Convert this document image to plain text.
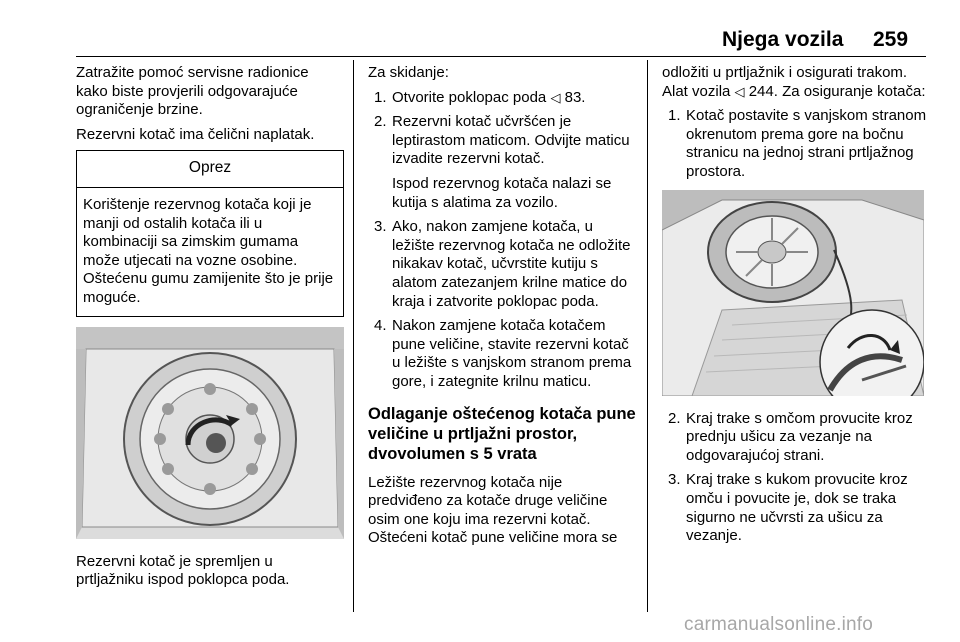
Njega vozila 259

Zatražite pomoć servisne radionice kako biste provjerili odgovarajuće ograničenje brzine.

Rezervni kotač ima čelični naplatak.

Oprez
Korištenje rezervnog kotača koji je manji od ostalih kotača ili u kombinaciji sa zimskim gumama može utjecati na vozne osobine. Oštećenu gumu zamijenite što je prije moguće.

Rezervni kotač je spremljen u prtljažniku ispod poklopca poda.

Za skidanje:

1. Otvorite poklopac poda ◁ 83.
2. Rezervni kotač učvršćen je leptirastom maticom. Odvijte maticu izvadite rezervni kotač.
Ispod rezervnog kotača nalazi se kutija s alatima za vozilo.
3. Ako, nakon zamjene kotača, u ležište rezervnog kotača ne odložite nikakav kotač, učvrstite kutiju s alatom zatezanjem krilne matice do kraja i zatvorite poklopac poda.
4. Nakon zamjene kotača kotačem pune veličine, stavite rezervni kotač u ležište s vanjskom stranom prema gore, i zategnite krilnu maticu.
Odlaganje oštećenog kotača pune veličine u prtljažni prostor, dvovolumen s 5 vrata

Ležište rezervnog kotača nije predviđeno za kotače druge veličine osim one koju ima rezervni kotač. Oštećeni kotač pune veličine mora se

odložiti u prtljažnik i osigurati trakom. Alat vozila ◁ 244. Za osiguranje kotača:

1. Kotač postavite s vanjskom stranom okrenutom prema gore na bočnu stranicu na jednoj strani prtljažnog prostora.
2. Kraj trake s omčom provucite kroz prednju ušicu za vezanje na odgovarajućoj strani.
3. Kraj trake s kukom provucite kroz omču i povucite je, dok se traka sigurno ne učvrsti za ušicu za vezanje.
carmanualsonline.info
